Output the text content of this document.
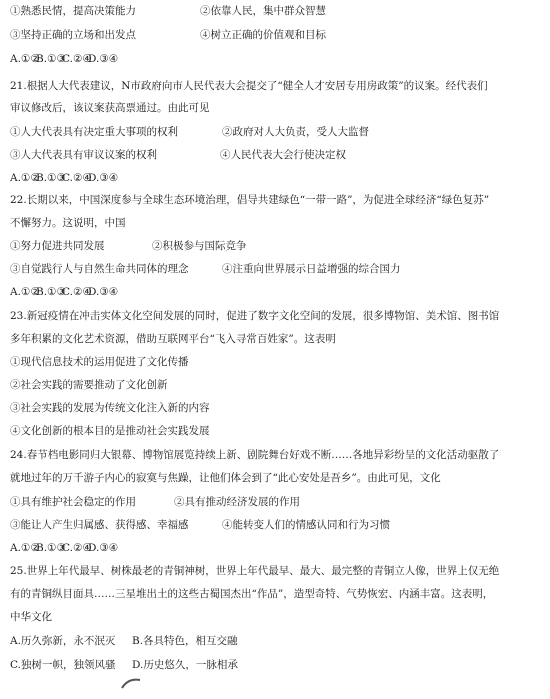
①熟悉民情，提高决策能力	②依靠人民，集中群众智慧
③坚持正确的立场和出发点	④树立正确的价值观和目标
A.①②B.①③C.②④D.③④
21.根据人大代表建议，N市政府向市人民代表大会提交了“健全人才安居专用房政策”的议案。经代表们
审议修改后，该议案获高票通过。由此可见
①人大代表具有决定重大事项的权利	②政府对人大负责，受人大监督
③人大代表具有审议议案的权利	④人民代表大会行使决定权
A.①②B.①③C.②④D.③④
22.长期以来，中国深度参与全球生态环境治理，倡导共建绿色“一带一路”，为促进全球经济“绿色复苏”
不懈努力。这说明，中国
①努力促进共同发展	②积极参与国际竞争
③自觉践行人与自然生命共同体的理念	④注重向世界展示日益增强的综合国力
A.①②B.①③C.②④D.③④
23.新冠疫情在冲击实体文化空间发展的同时，促进了数字文化空间的发展，很多博物馆、美术馆、图书馆
多年积累的文化艺术资源，借助互联网平台“飞入寻常百姓家”。这表明
①现代信息技术的运用促进了文化传播
②社会实践的需要推动了文化创新
③社会实践的发展为传统文化注入新的内容
④文化创新的根本目的是推动社会实践发展
24.春节档电影同归大银幕、博物馆展览持续上新、剧院舞台好戏不断……各地异彩纷呈的文化活动驱散了
就地过年的万千游子内心的寂寞与焦躁，让他们体会到了“此心安处是吾乡”。由此可见，文化
①具有维护社会稳定的作用	②具有推动经济发展的作用
③能让人产生归属感、获得感、幸福感	④能转变人们的情感认同和行为习惯
A.①②B.①③C.②④D.③④
25.世界上年代最早、树株最老的青铜神树，世界上年代最早、最大、最完整的青铜立人像，世界上仅无绝
有的青铜纵目面具……三星堆出土的这些古蜀国杰出“作品”，造型奇特、气势恢宏、内涵丰富。这表明，
中华文化
A.历久弥新，永不泯灭 B.各具特色，相互交融
C.独树一帜，独领风骚 D.历史悠久，一脉相承
